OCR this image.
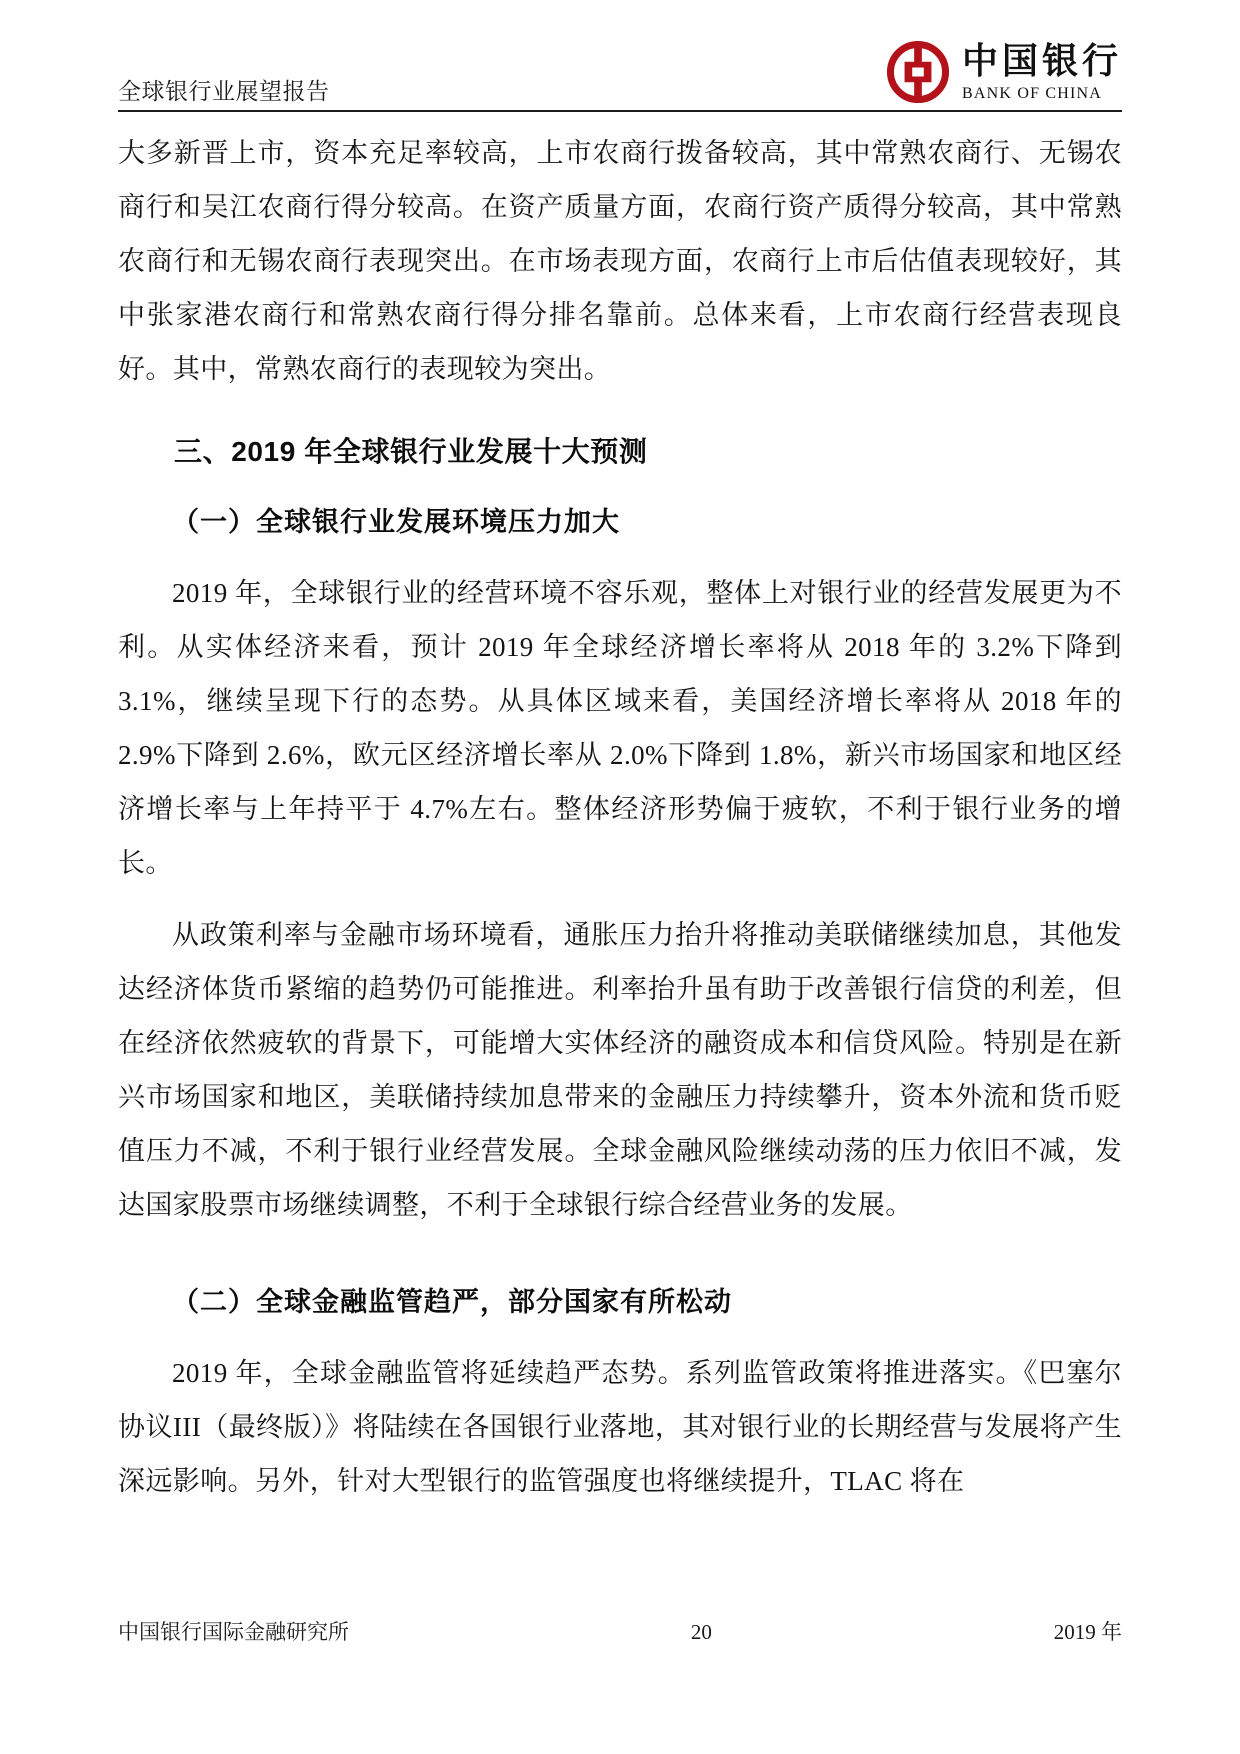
全球银行业展望报告
中国银行
BANK OF CHINA

大多新晋上市，资本充足率较高，上市农商行拨备较高，其中常熟农商行、无锡农商行和吴江农商行得分较高。在资产质量方面，农商行资产质得分较高，其中常熟农商行和无锡农商行表现突出。在市场表现方面，农商行上市后估值表现较好，其中张家港农商行和常熟农商行得分排名靠前。总体来看，上市农商行经营表现良好。其中，常熟农商行的表现较为突出。

三、2019 年全球银行业发展十大预测
（一）全球银行业发展环境压力加大

2019 年，全球银行业的经营环境不容乐观，整体上对银行业的经营发展更为不利。从实体经济来看，预计 2019 年全球经济增长率将从 2018 年的 3.2%下降到 3.1%，继续呈现下行的态势。从具体区域来看，美国经济增长率将从 2018 年的 2.9%下降到 2.6%，欧元区经济增长率从 2.0%下降到 1.8%，新兴市场国家和地区经济增长率与上年持平于 4.7%左右。整体经济形势偏于疲软，不利于银行业务的增长。

从政策利率与金融市场环境看，通胀压力抬升将推动美联储继续加息，其他发达经济体货币紧缩的趋势仍可能推进。利率抬升虽有助于改善银行信贷的利差，但在经济依然疲软的背景下，可能增大实体经济的融资成本和信贷风险。特别是在新兴市场国家和地区，美联储持续加息带来的金融压力持续攀升，资本外流和货币贬值压力不减，不利于银行业经营发展。全球金融风险继续动荡的压力依旧不减，发达国家股票市场继续调整，不利于全球银行综合经营业务的发展。

（二）全球金融监管趋严，部分国家有所松动

2019 年，全球金融监管将延续趋严态势。系列监管政策将推进落实。《巴塞尔协议III（最终版）》将陆续在各国银行业落地，其对银行业的长期经营与发展将产生深远影响。另外，针对大型银行的监管强度也将继续提升，TLAC 将在

中国银行国际金融研究所	20	2019 年
